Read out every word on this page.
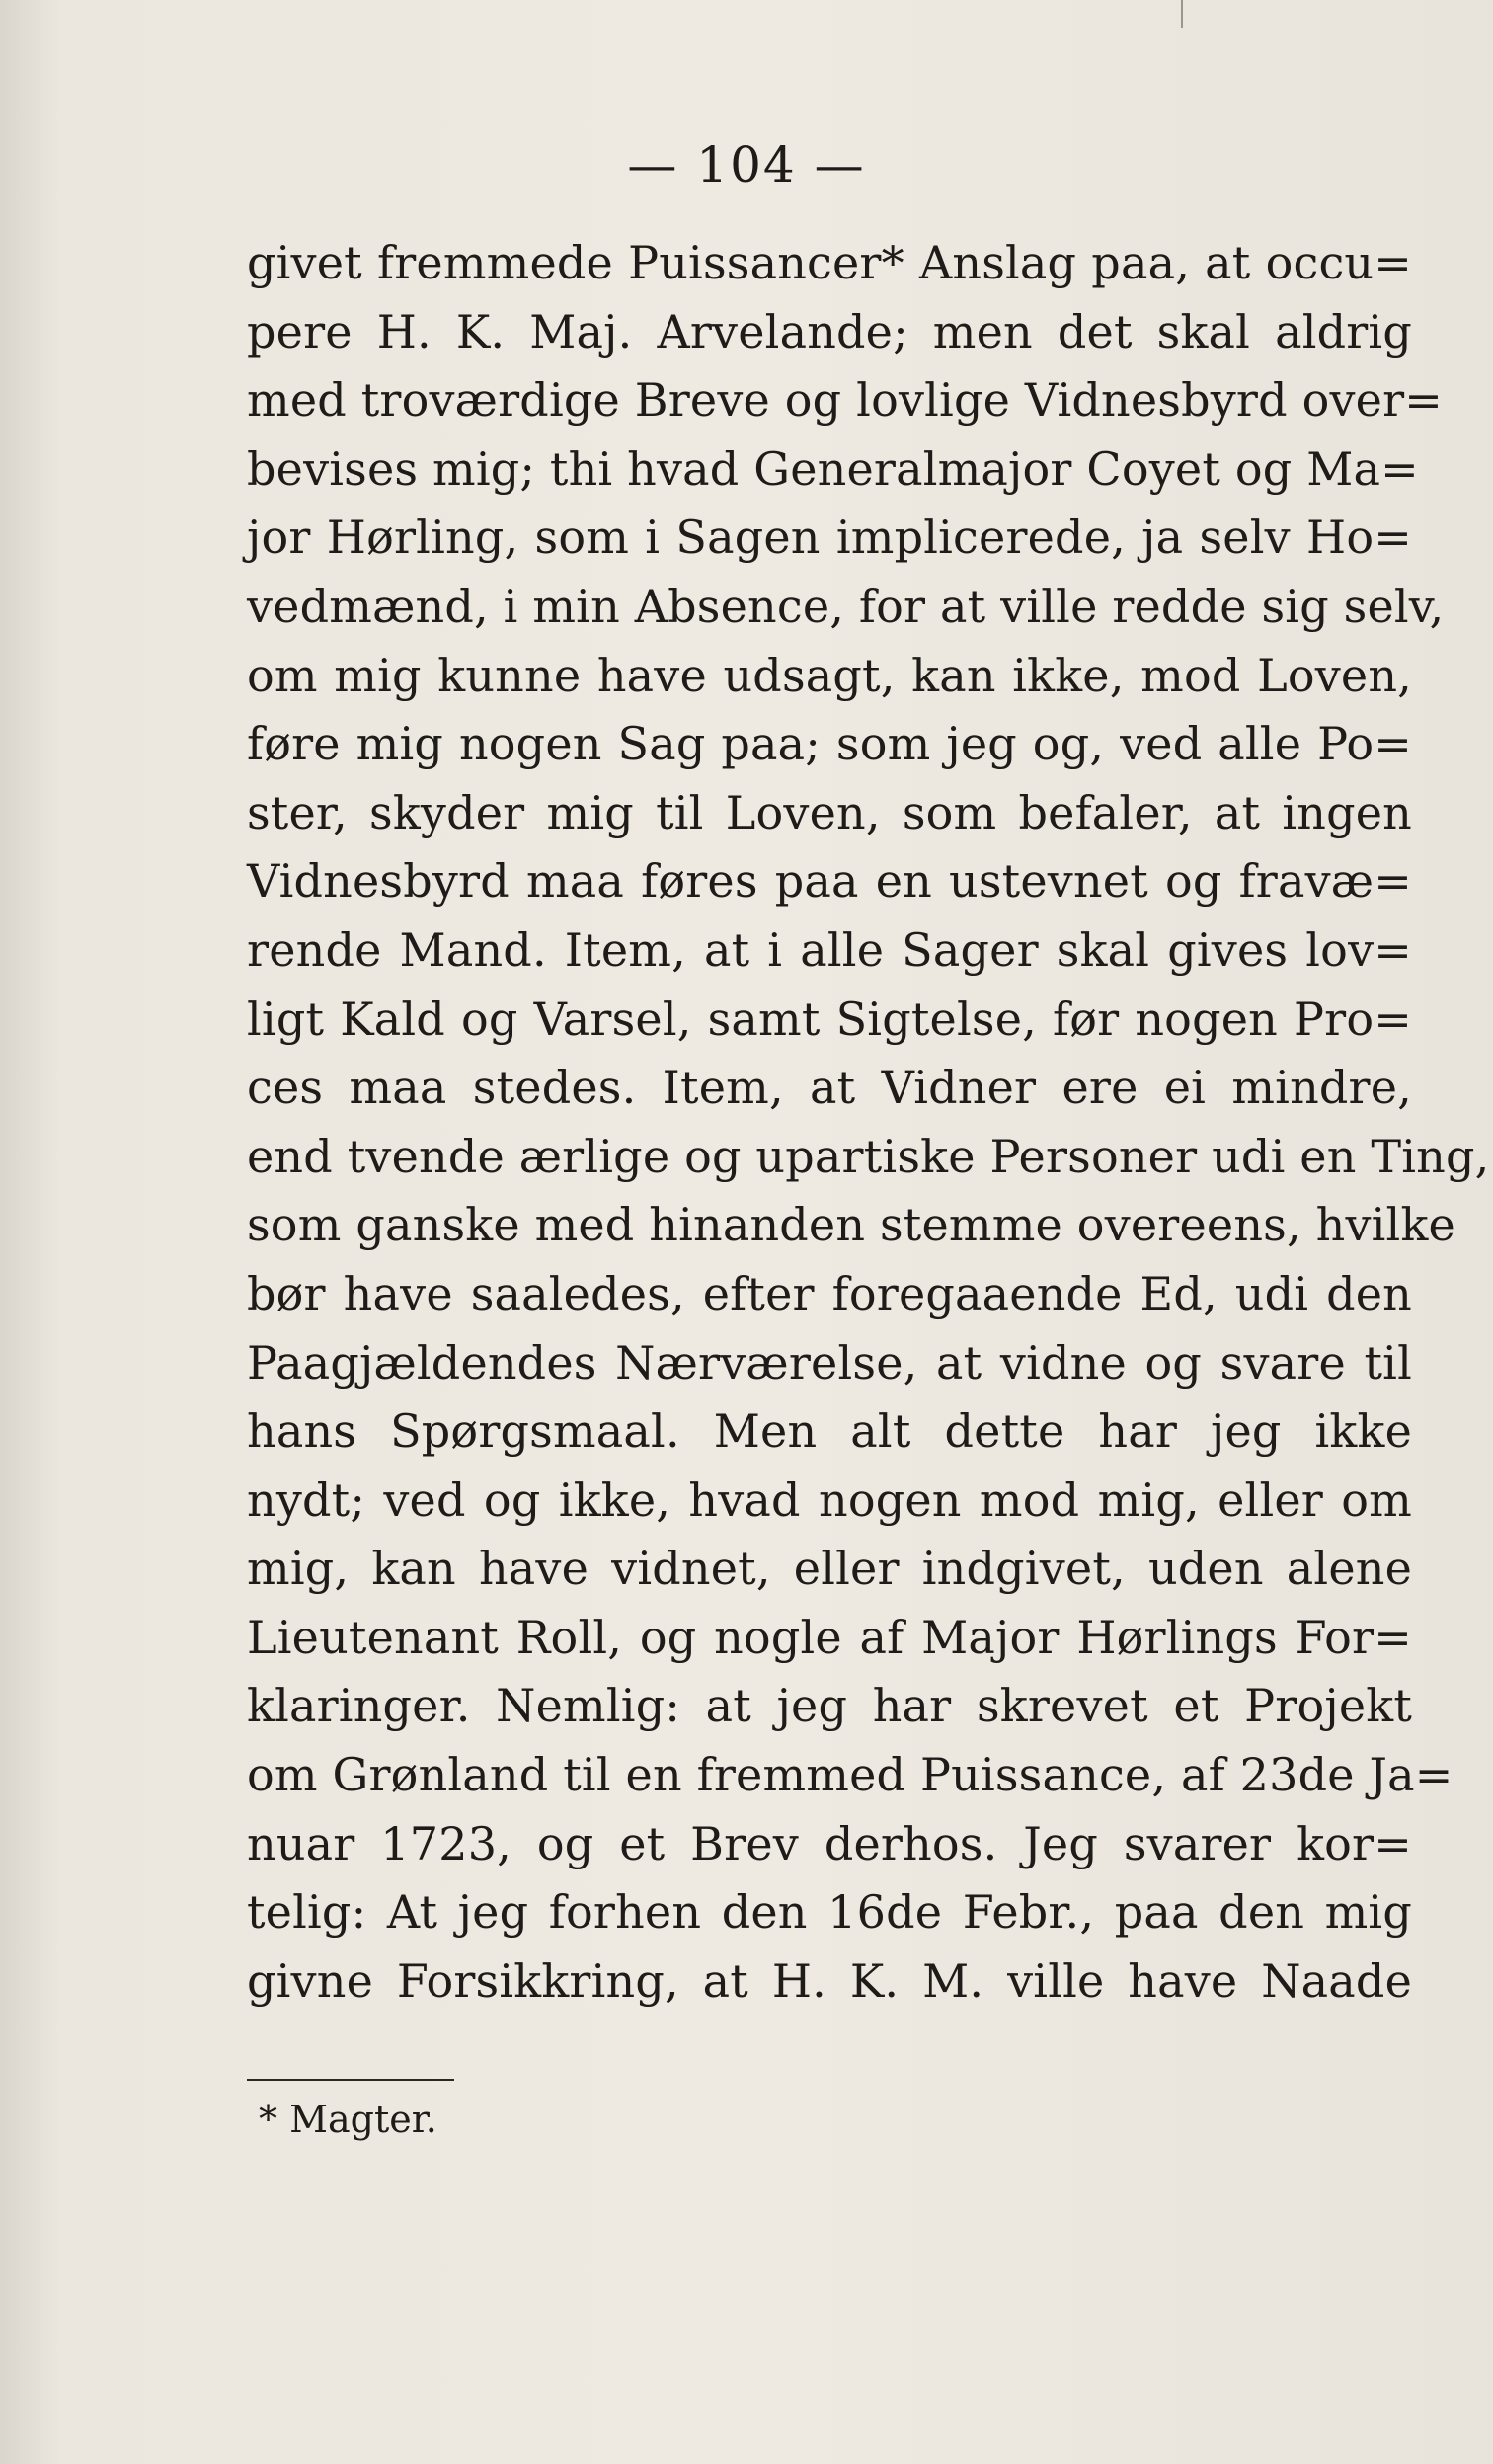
— 104 —
givet fremmede Puissancer* Anslag paa, at occu=
pere H. K. Maj. Arvelande; men det skal aldrig
med troværdige Breve og lovlige Vidnesbyrd over=
bevises mig; thi hvad Generalmajor Coyet og Ma=
jor Hørling, som i Sagen implicerede, ja selv Ho=
vedmænd, i min Absence, for at ville redde sig selv,
om mig kunne have udsagt, kan ikke, mod Loven,
føre mig nogen Sag paa; som jeg og, ved alle Po=
ster, skyder mig til Loven, som befaler, at ingen
Vidnesbyrd maa føres paa en ustevnet og fravæ=
rende Mand. Item, at i alle Sager skal gives lov=
ligt Kald og Varsel, samt Sigtelse, før nogen Pro=
ces maa stedes. Item, at Vidner ere ei mindre,
end tvende ærlige og upartiske Personer udi en Ting,
som ganske med hinanden stemme overeens, hvilke
bør have saaledes, efter foregaaende Ed, udi den
Paagjældendes Nærværelse, at vidne og svare til
hans Spørgsmaal. Men alt dette har jeg ikke
nydt; ved og ikke, hvad nogen mod mig, eller om
mig, kan have vidnet, eller indgivet, uden alene
Lieutenant Roll, og nogle af Major Hørlings For=
klaringer. Nemlig: at jeg har skrevet et Projekt
om Grønland til en fremmed Puissance, af 23de Ja=
nuar 1723, og et Brev derhos. Jeg svarer kor=
telig: At jeg forhen den 16de Febr., paa den mig
givne Forsikkring, at H. K. M. ville have Naade
* Magter.
